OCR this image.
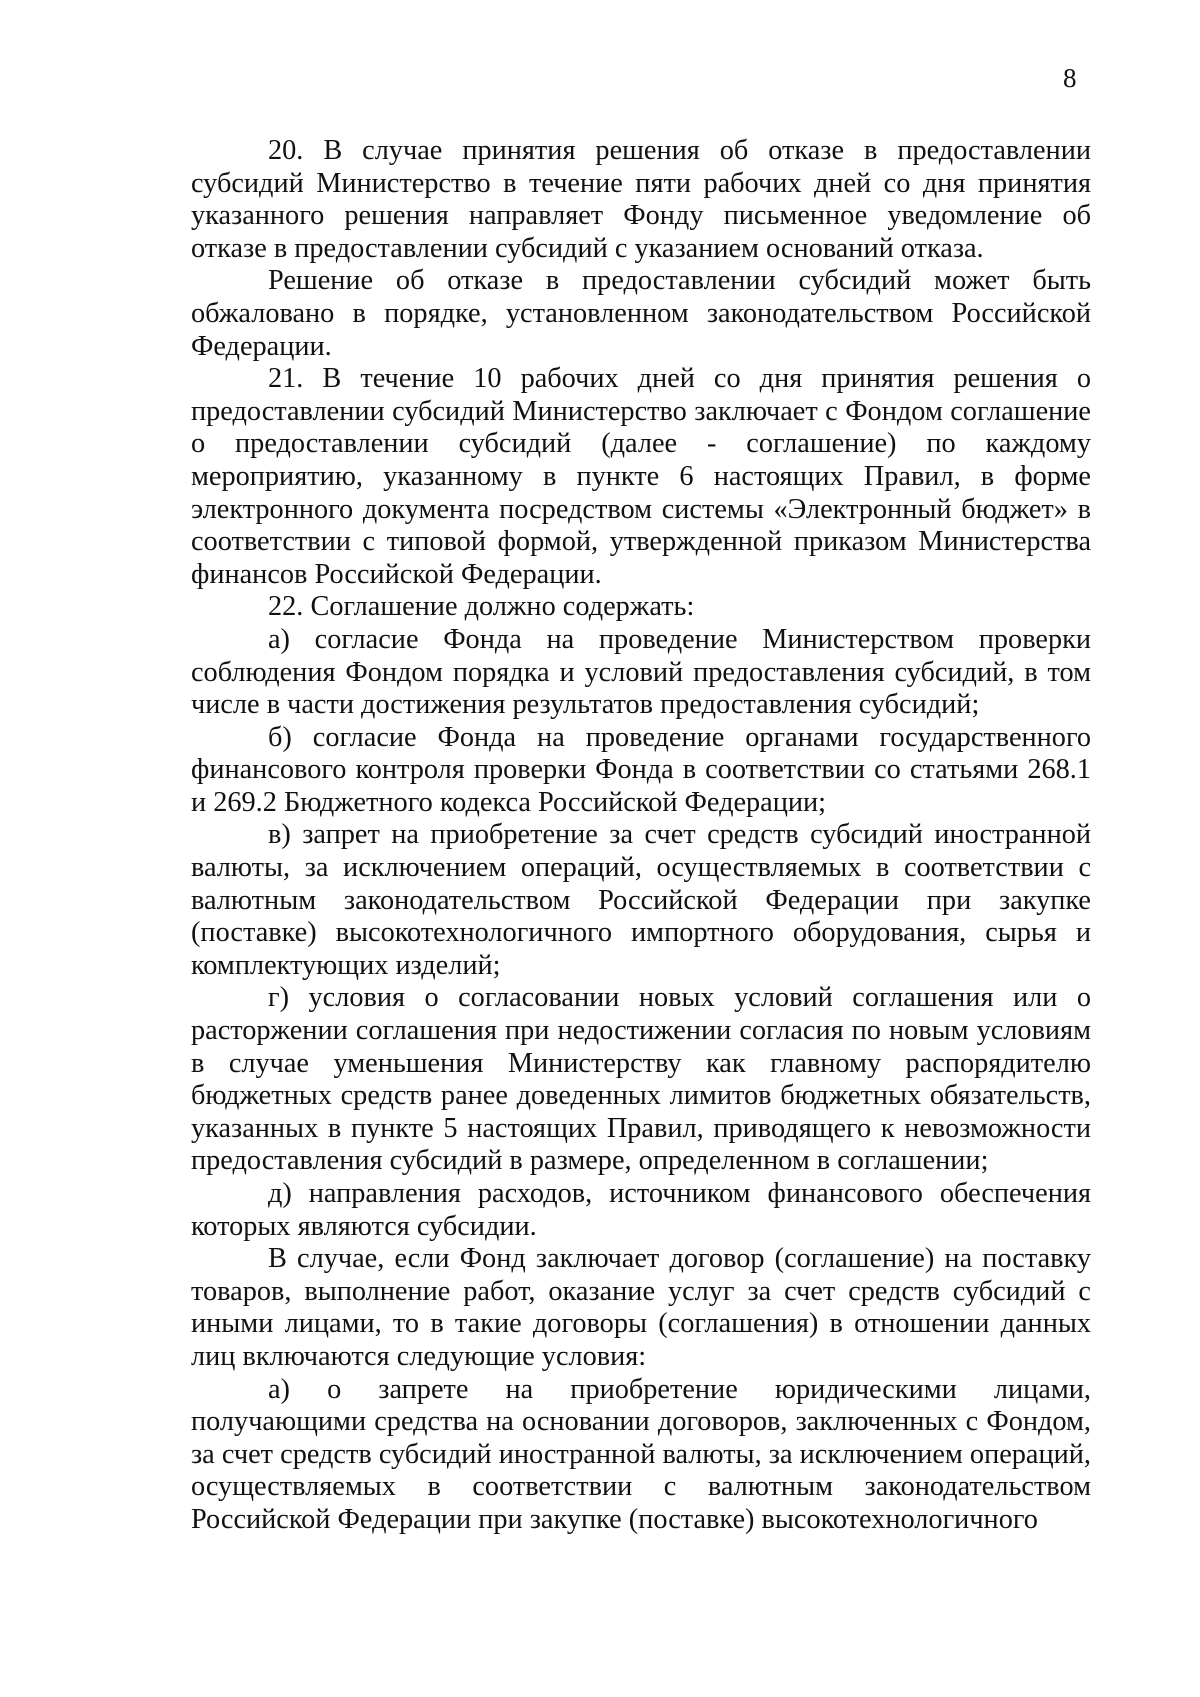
8

20. В случае принятия решения об отказе в предоставлении субсидий Министерство в течение пяти рабочих дней со дня принятия указанного решения направляет Фонду письменное уведомление об отказе в предоставлении субсидий с указанием оснований отказа.

Решение об отказе в предоставлении субсидий может быть обжаловано в порядке, установленном законодательством Российской Федерации.

21. В течение 10 рабочих дней со дня принятия решения о предоставлении субсидий Министерство заключает с Фондом соглашение о предоставлении субсидий (далее - соглашение) по каждому мероприятию, указанному в пункте 6 настоящих Правил, в форме электронного документа посредством системы «Электронный бюджет» в соответствии с типовой формой, утвержденной приказом Министерства финансов Российской Федерации.

22. Соглашение должно содержать:

а) согласие Фонда на проведение Министерством проверки соблюдения Фондом порядка и условий предоставления субсидий, в том числе в части достижения результатов предоставления субсидий;

б) согласие Фонда на проведение органами государственного финансового контроля проверки Фонда в соответствии со статьями 268.1 и 269.2 Бюджетного кодекса Российской Федерации;

в) запрет на приобретение за счет средств субсидий иностранной валюты, за исключением операций, осуществляемых в соответствии с валютным законодательством Российской Федерации при закупке (поставке) высокотехнологичного импортного оборудования, сырья и комплектующих изделий;

г) условия о согласовании новых условий соглашения или о расторжении соглашения при недостижении согласия по новым условиям в случае уменьшения Министерству как главному распорядителю бюджетных средств ранее доведенных лимитов бюджетных обязательств, указанных в пункте 5 настоящих Правил, приводящего к невозможности предоставления субсидий в размере, определенном в соглашении;

д) направления расходов, источником финансового обеспечения которых являются субсидии.

В случае, если Фонд заключает договор (соглашение) на поставку товаров, выполнение работ, оказание услуг за счет средств субсидий с иными лицами, то в такие договоры (соглашения) в отношении данных лиц включаются следующие условия:

а) о запрете на приобретение юридическими лицами, получающими средства на основании договоров, заключенных с Фондом, за счет средств субсидий иностранной валюты, за исключением операций, осуществляемых в соответствии с валютным законодательством Российской Федерации при закупке (поставке) высокотехнологичного
